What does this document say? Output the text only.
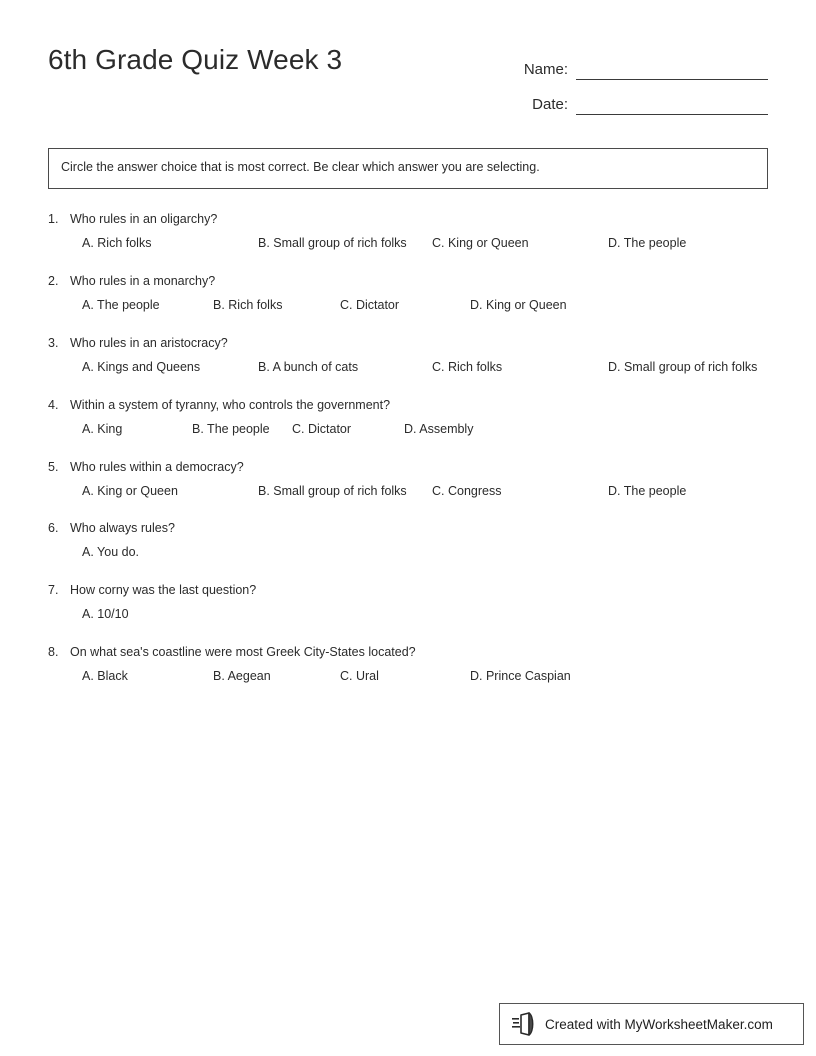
6th Grade Quiz Week 3	Name:
Date:
Circle the answer choice that is most correct. Be clear which answer you are selecting.
1. Who rules in an oligarchy?
A. Rich folks	B. Small group of rich folks	C. King or Queen	D. The people
2. Who rules in a monarchy?
A. The people	B. Rich folks	C. Dictator	D. King or Queen
3. Who rules in an aristocracy?
A. Kings and Queens	B. A bunch of cats	C. Rich folks	D. Small group of rich folks
4. Within a system of tyranny, who controls the government?
A. King	B. The people	C. Dictator	D. Assembly
5. Who rules within a democracy?
A. King or Queen	B. Small group of rich folks	C. Congress	D. The people
6. Who always rules?
A. You do.
7. How corny was the last question?
A. 10/10
8. On what sea's coastline were most Greek City-States located?
A. Black	B. Aegean	C. Ural	D. Prince Caspian
Created with MyWorksheetMaker.com
